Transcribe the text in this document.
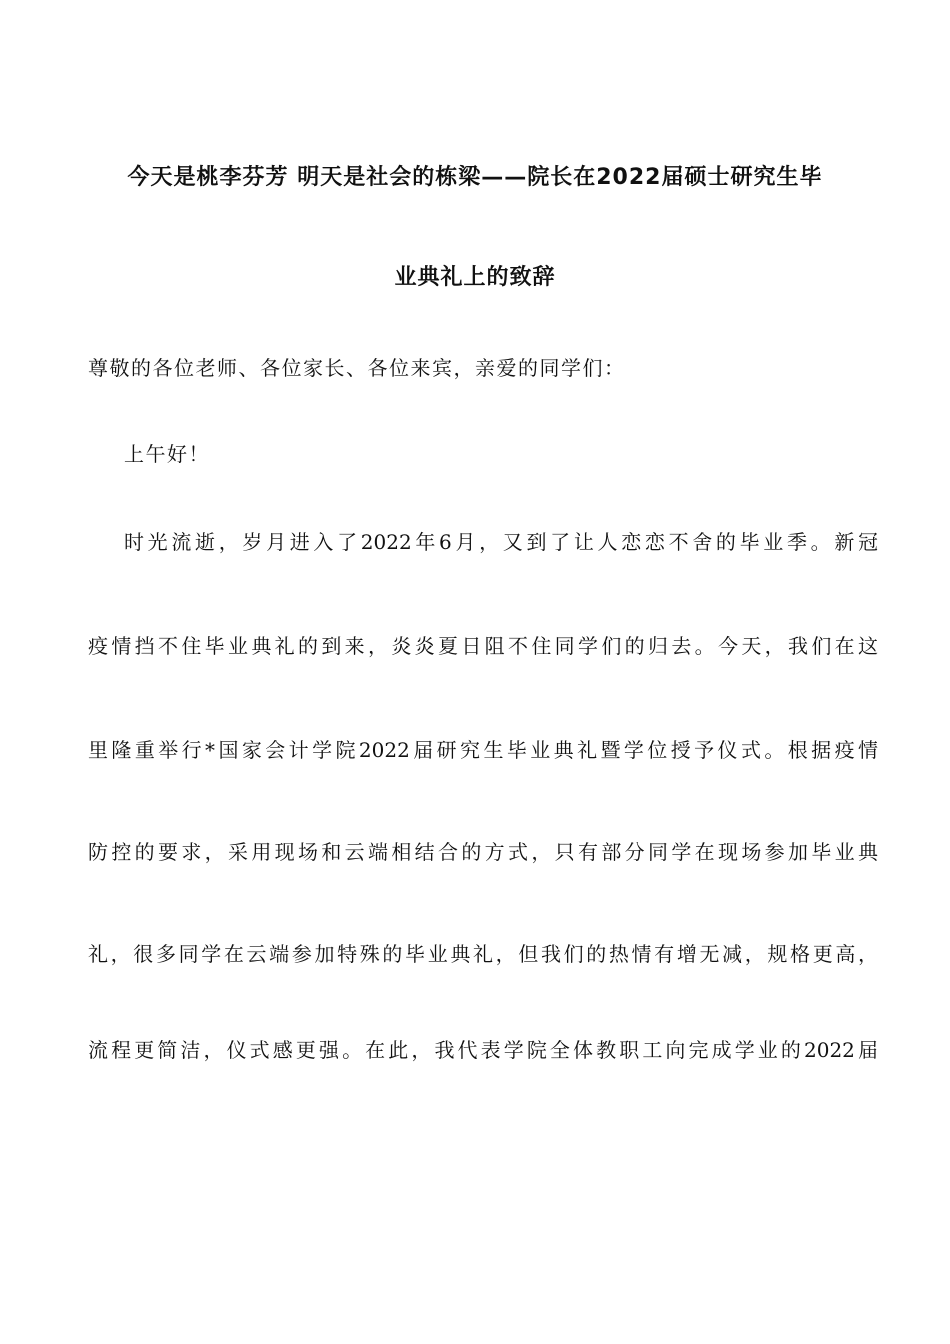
今天是桃李芬芳 明天是社会的栋梁——院长在2022届硕士研究生毕
业典礼上的致辞
尊敬的各位老师、各位家长、各位来宾，亲爱的同学们：
上午好！
时光流逝，岁月进入了2022年6月，又到了让人恋恋不舍的毕业季。新冠
疫情挡不住毕业典礼的到来，炎炎夏日阻不住同学们的归去。今天，我们在这
里隆重举行*国家会计学院2022届研究生毕业典礼暨学位授予仪式。根据疫情
防控的要求，采用现场和云端相结合的方式，只有部分同学在现场参加毕业典
礼，很多同学在云端参加特殊的毕业典礼，但我们的热情有增无减，规格更高，
流程更简洁，仪式感更强。在此，我代表学院全体教职工向完成学业的2022届
